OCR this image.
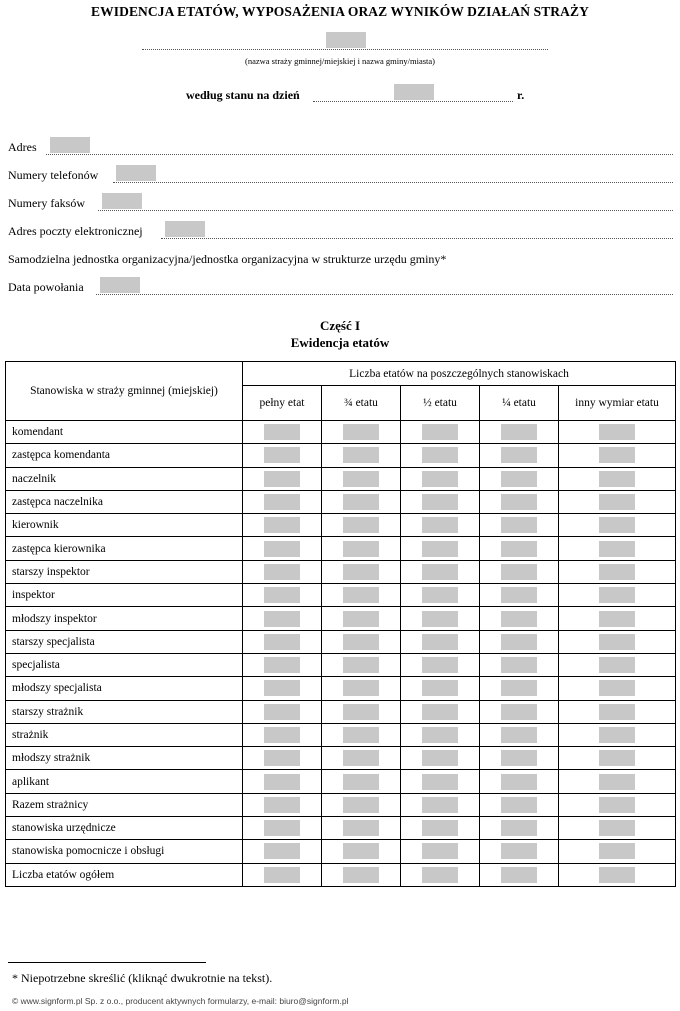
EWIDENCJA ETATÓW, WYPOSAŻENIA ORAZ WYNIKÓW DZIAŁAŃ STRAŻY
(nazwa straży gminnej/miejskiej i nazwa gminy/miasta)
według stanu na dzień	r.
Adres
Numery telefonów
Numery faksów
Adres poczty elektronicznej
Samodzielna jednostka organizacyjna/jednostka organizacyjna w strukturze urzędu gminy*
Data powołania
Część I
Ewidencja etatów
Stanowiska w straży gminnej (miejskiej)	Liczba etatów na poszczególnych stanowiskach				
	pełny etat	¾ etatu	½ etatu	¼ etatu	inny wymiar etatu
komendant					
zastępca komendanta					
naczelnik					
zastępca naczelnika					
kierownik					
zastępca kierownika					
starszy inspektor					
inspektor					
młodszy inspektor					
starszy specjalista					
specjalista					
młodszy specjalista					
starszy strażnik					
strażnik					
młodszy strażnik					
aplikant					
Razem strażnicy					
stanowiska urzędnicze					
stanowiska pomocnicze i obsługi					
Liczba etatów ogółem					
* Niepotrzebne skreślić (kliknąć dwukrotnie na tekst).
© www.signform.pl Sp. z o.o., producent aktywnych formularzy, e-mail: biuro@signform.pl
